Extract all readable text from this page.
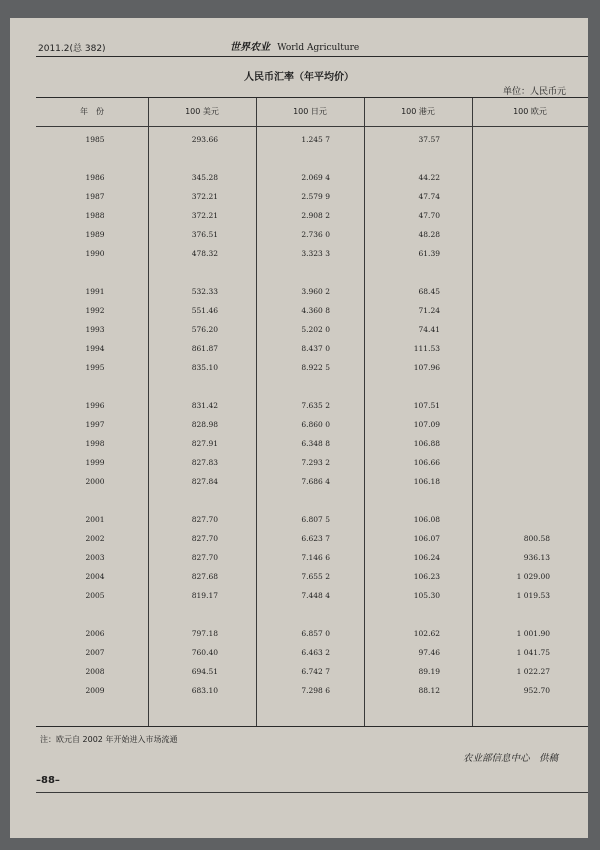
2011.2(总 382)	世界农业 World Agriculture
人民币汇率（年平均价）
单位：人民币元
年　份	100 美元	100 日元	100 港元	100 欧元
1985	293.66	1.245 7	37.57
1986	345.28	2.069 4	44.22
1987	372.21	2.579 9	47.74
1988	372.21	2.908 2	47.70
1989	376.51	2.736 0	48.28
1990	478.32	3.323 3	61.39
1991	532.33	3.960 2	68.45
1992	551.46	4.360 8	71.24
1993	576.20	5.202 0	74.41
1994	861.87	8.437 0	111.53
1995	835.10	8.922 5	107.96
1996	831.42	7.635 2	107.51
1997	828.98	6.860 0	107.09
1998	827.91	6.348 8	106.88
1999	827.83	7.293 2	106.66
2000	827.84	7.686 4	106.18
2001	827.70	6.807 5	106.08
2002	827.70	6.623 7	106.07	800.58
2003	827.70	7.146 6	106.24	936.13
2004	827.68	7.655 2	106.23	1 029.00
2005	819.17	7.448 4	105.30	1 019.53
2006	797.18	6.857 0	102.62	1 001.90
2007	760.40	6.463 2	97.46	1 041.75
2008	694.51	6.742 7	89.19	1 022.27
2009	683.10	7.298 6	88.12	952.70
注：欧元自 2002 年开始进入市场流通
农业部信息中心　供稿
–88–
